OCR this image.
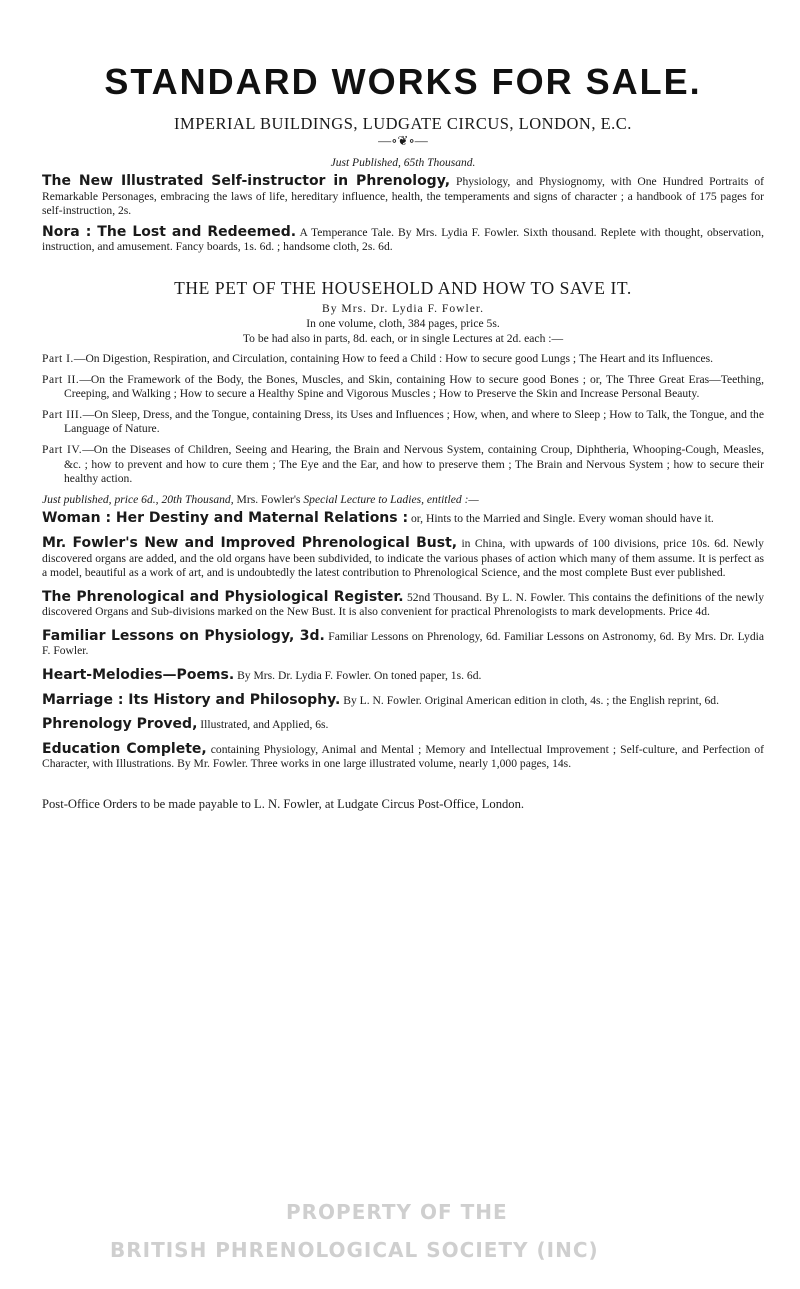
STANDARD WORKS FOR SALE.
IMPERIAL BUILDINGS, LUDGATE CIRCUS, LONDON, E.C.
—∘❦∘—
Just Published, 65th Thousand.

The New Illustrated Self-instructor in Phrenology, Physiology, and Physiognomy, with One Hundred Portraits of Remarkable Personages, embracing the laws of life, hereditary influence, health, the temperaments and signs of character ; a handbook of 175 pages for self-instruction, 2s.

Nora : The Lost and Redeemed. A Temperance Tale. By Mrs. Lydia F. Fowler. Sixth thousand. Replete with thought, observation, instruction, and amusement. Fancy boards, 1s. 6d. ; handsome cloth, 2s. 6d.

THE PET OF THE HOUSEHOLD AND HOW TO SAVE IT.
By Mrs. Dr. Lydia F. Fowler.
In one volume, cloth, 384 pages, price 5s.
To be had also in parts, 8d. each, or in single Lectures at 2d. each :—

Part I.—On Digestion, Respiration, and Circulation, containing How to feed a Child : How to secure good Lungs ; The Heart and its Influences.

Part II.—On the Framework of the Body, the Bones, Muscles, and Skin, containing How to secure good Bones ; or, The Three Great Eras—Teething, Creeping, and Walking ; How to secure a Healthy Spine and Vigorous Muscles ; How to Preserve the Skin and Increase Personal Beauty.

Part III.—On Sleep, Dress, and the Tongue, containing Dress, its Uses and Influences ; How, when, and where to Sleep ; How to Talk, the Tongue, and the Language of Nature.

Part IV.—On the Diseases of Children, Seeing and Hearing, the Brain and Nervous System, containing Croup, Diphtheria, Whooping-Cough, Measles, &c. ; how to prevent and how to cure them ; The Eye and the Ear, and how to preserve them ; The Brain and Nervous System ; how to secure their healthy action.

Just published, price 6d., 20th Thousand, Mrs. Fowler's Special Lecture to Ladies, entitled :—

Woman : Her Destiny and Maternal Relations : or, Hints to the Married and Single. Every woman should have it.

Mr. Fowler's New and Improved Phrenological Bust, in China, with upwards of 100 divisions, price 10s. 6d. Newly discovered organs are added, and the old organs have been subdivided, to indicate the various phases of action which many of them assume. It is perfect as a model, beautiful as a work of art, and is undoubtedly the latest contribution to Phrenological Science, and the most complete Bust ever published.

The Phrenological and Physiological Register. 52nd Thousand. By L. N. Fowler. This contains the definitions of the newly discovered Organs and Sub-divisions marked on the New Bust. It is also convenient for practical Phrenologists to mark developments. Price 4d.

Familiar Lessons on Physiology, 3d. Familiar Lessons on Phrenology, 6d. Familiar Lessons on Astronomy, 6d. By Mrs. Dr. Lydia F. Fowler.

Heart-Melodies—Poems. By Mrs. Dr. Lydia F. Fowler. On toned paper, 1s. 6d.

Marriage : Its History and Philosophy. By L. N. Fowler. Original American edition in cloth, 4s. ; the English reprint, 6d.

Phrenology Proved, Illustrated, and Applied, 6s.

Education Complete, containing Physiology, Animal and Mental ; Memory and Intellectual Improvement ; Self-culture, and Perfection of Character, with Illustrations. By Mr. Fowler. Three works in one large illustrated volume, nearly 1,000 pages, 14s.

Post-Office Orders to be made payable to L. N. Fowler, at Ludgate Circus Post-Office, London.

PROPERTY OF THE
BRITISH PHRENOLOGICAL SOCIETY (INC)
